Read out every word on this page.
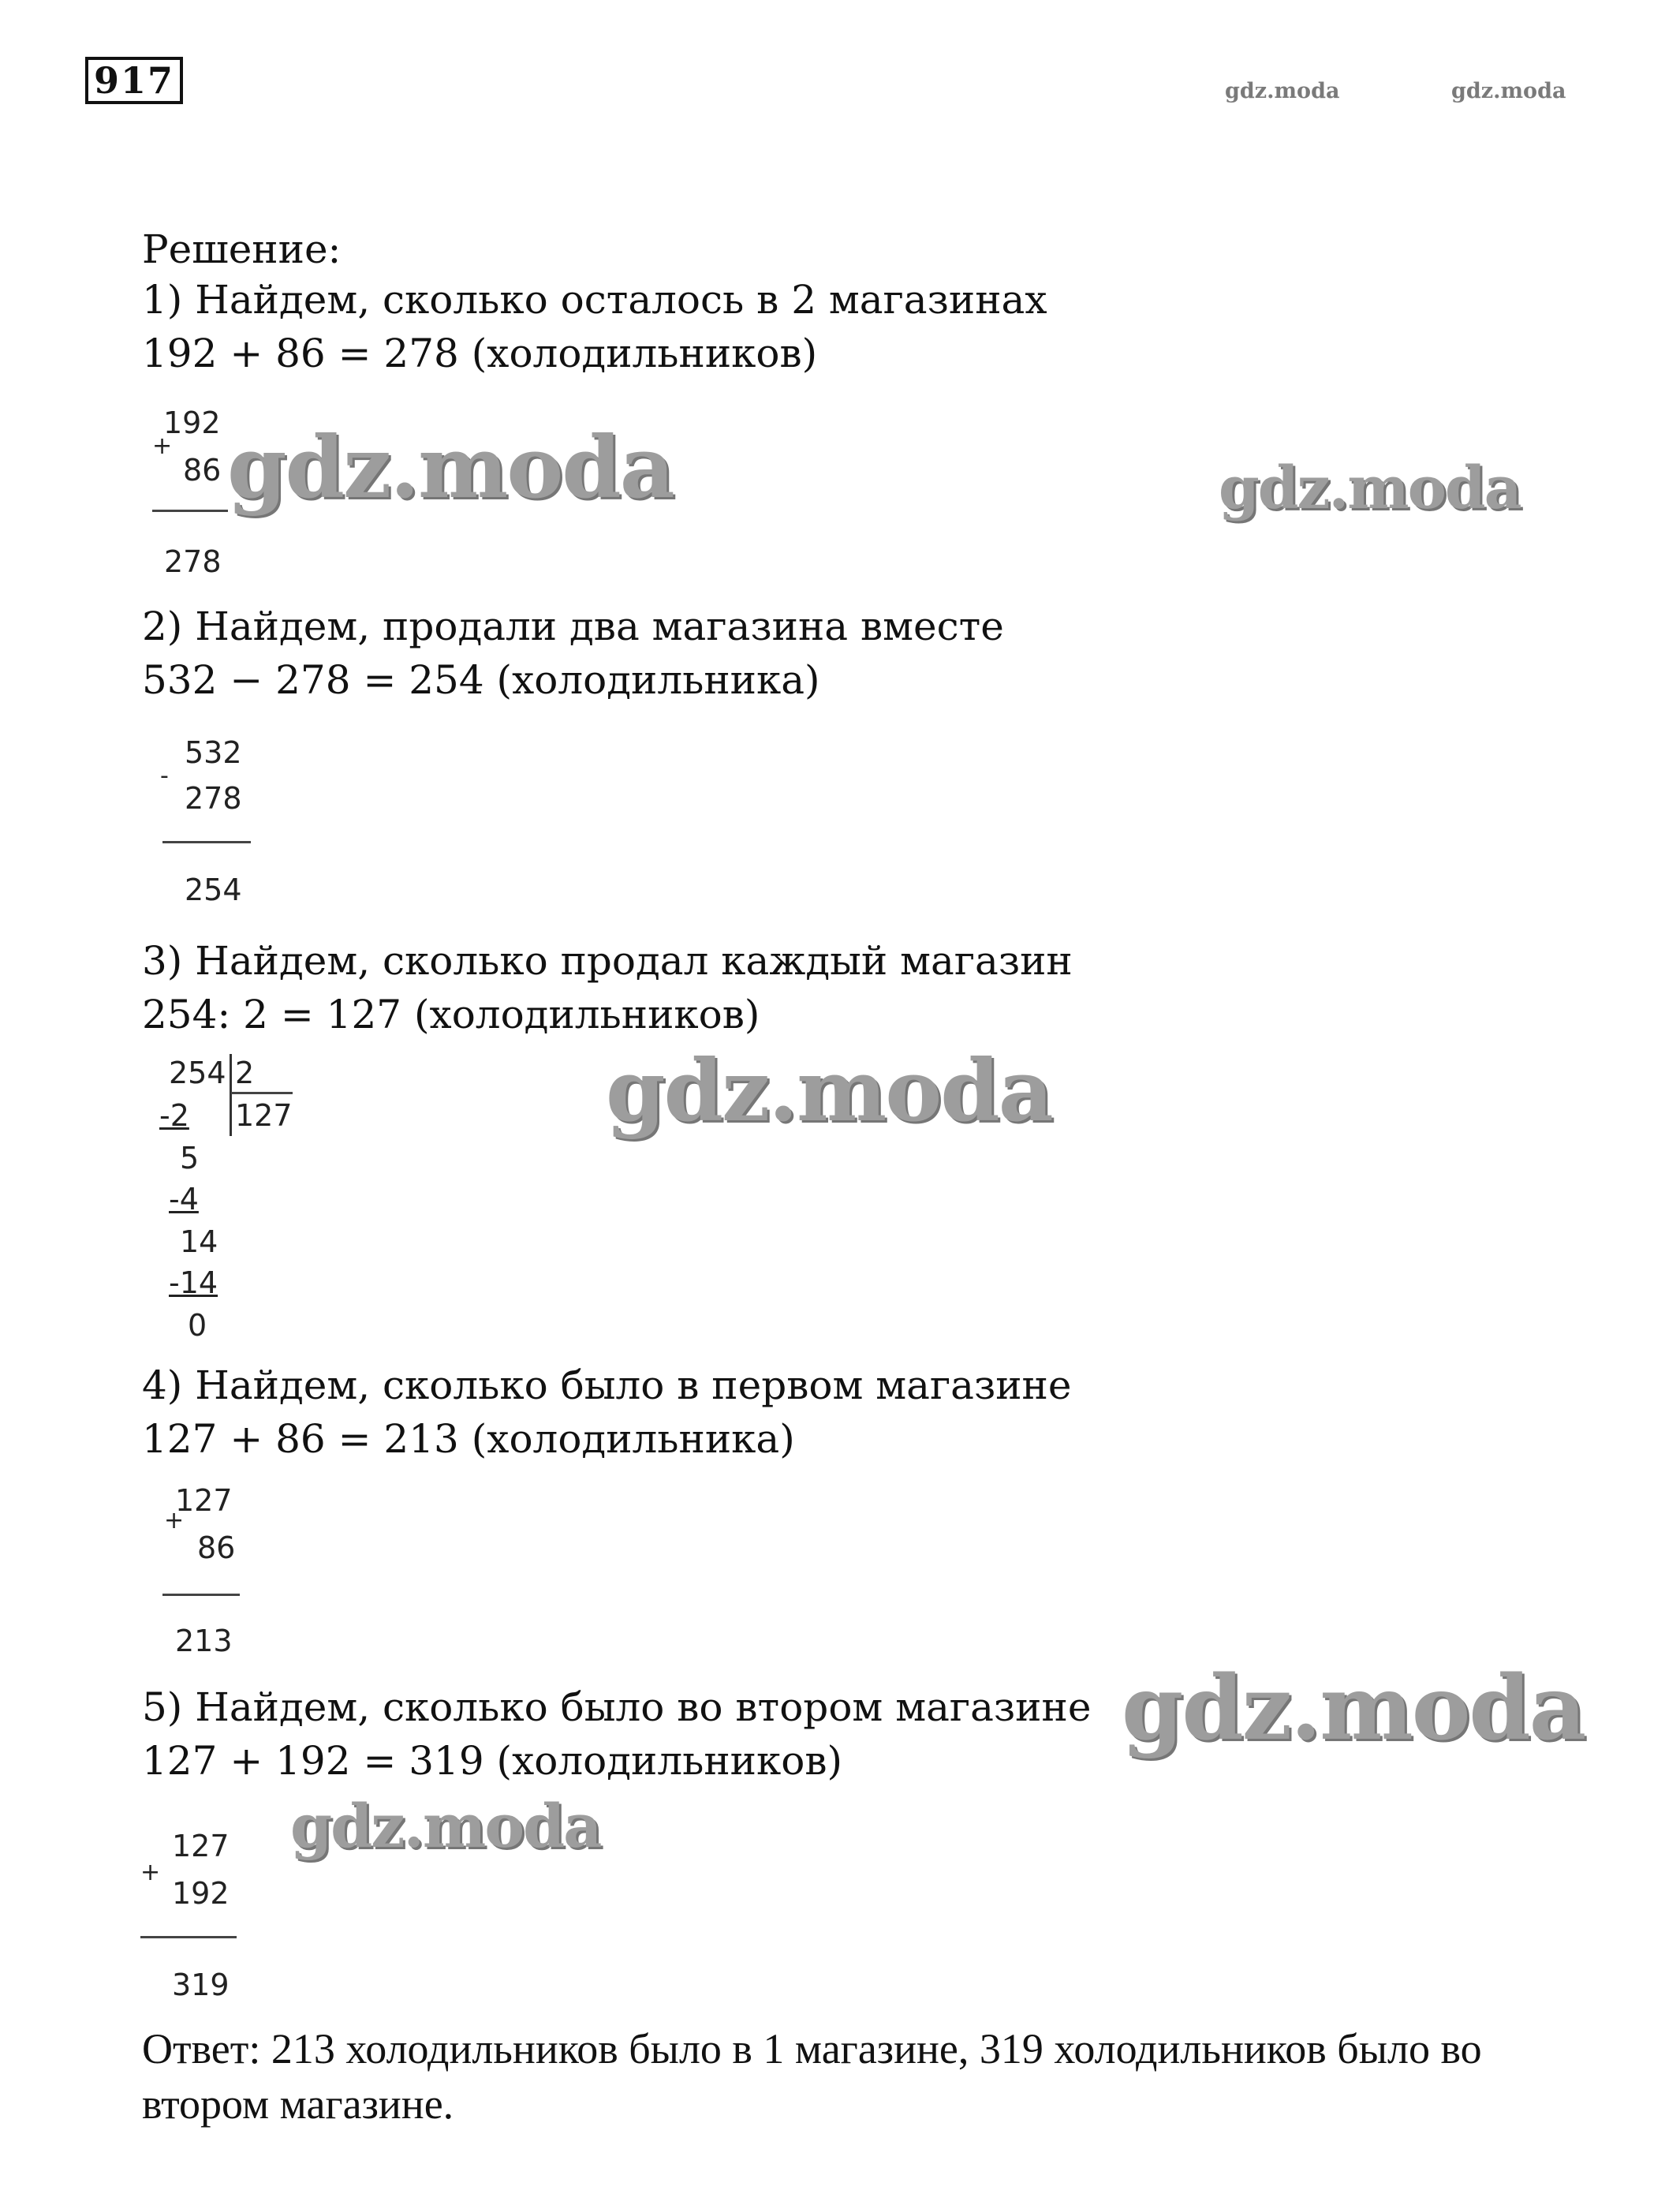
917	gdz.moda	gdz.moda
Решение:
1) Найдем, сколько осталось в 2 магазинах
192 + 86 = 278 (холодильников)
+
192
86
278
2) Найдем, продали два магазина вместе
532 − 278 = 254 (холодильника)
-
532
278
254
3) Найдем, сколько продал каждый магазин
254: 2 = 127 (холодильников)
254 2
127
-2
5
-4
14
-14
0
4) Найдем, сколько было в первом магазине
127 + 86 = 213 (холодильника)
+
127
86
213
5) Найдем, сколько было во втором магазине
127 + 192 = 319 (холодильников)
+
127
192
319
Ответ: 213 холодильников было в 1 магазине, 319 холодильников было во
втором магазине.
gdz.moda	gdz.moda
gdz.moda
gdz.moda
gdz.moda
